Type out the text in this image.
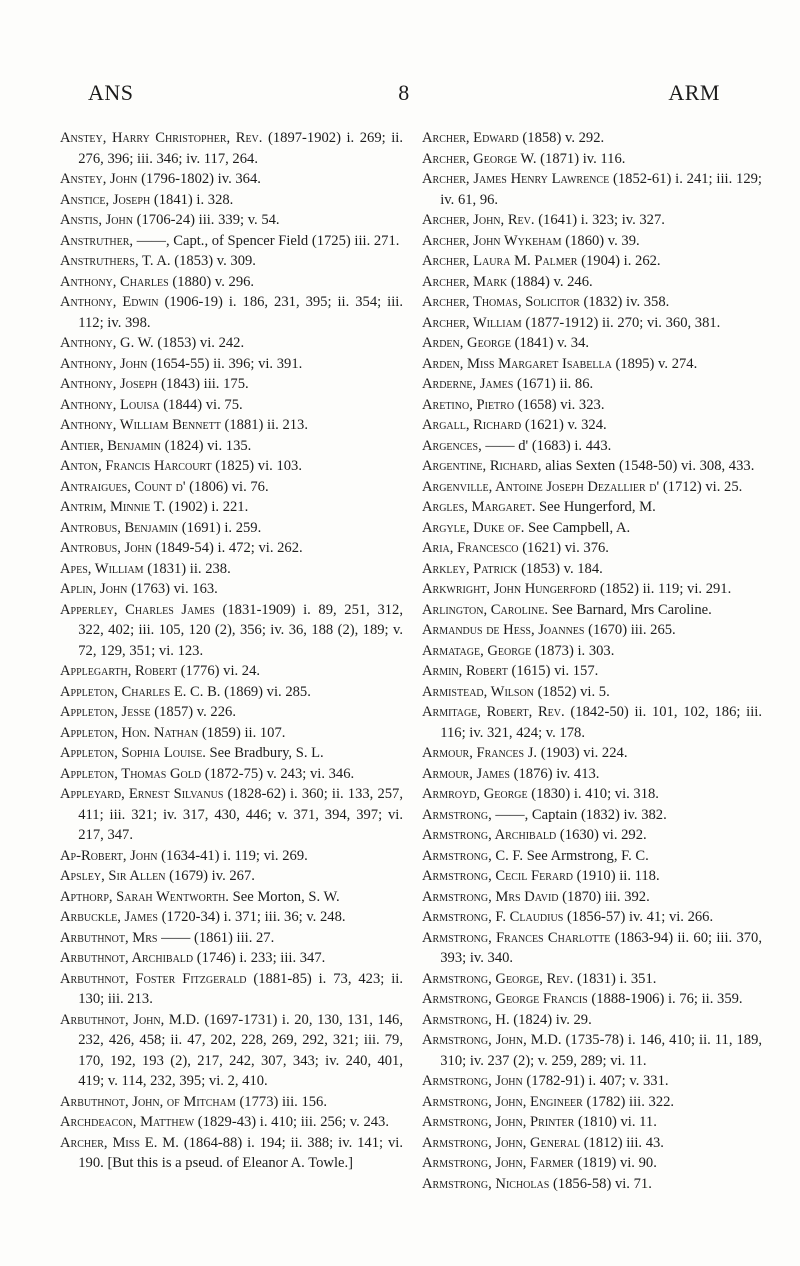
ANS	8	ARM

Anstey, Harry Christopher, Rev. (1897-1902) i. 269; ii. 276, 396; iii. 346; iv. 117, 264.

Anstey, John (1796-1802) iv. 364.

Anstice, Joseph (1841) i. 328.

Anstis, John (1706-24) iii. 339; v. 54.

Anstruther, ——, Capt., of Spencer Field (1725) iii. 271.

Anstruthers, T. A. (1853) v. 309.

Anthony, Charles (1880) v. 296.

Anthony, Edwin (1906-19) i. 186, 231, 395; ii. 354; iii. 112; iv. 398.

Anthony, G. W. (1853) vi. 242.

Anthony, John (1654-55) ii. 396; vi. 391.

Anthony, Joseph (1843) iii. 175.

Anthony, Louisa (1844) vi. 75.

Anthony, William Bennett (1881) ii. 213.

Antier, Benjamin (1824) vi. 135.

Anton, Francis Harcourt (1825) vi. 103.

Antraigues, Count d' (1806) vi. 76.

Antrim, Minnie T. (1902) i. 221.

Antrobus, Benjamin (1691) i. 259.

Antrobus, John (1849-54) i. 472; vi. 262.

Apes, William (1831) ii. 238.

Aplin, John (1763) vi. 163.

Apperley, Charles James (1831-1909) i. 89, 251, 312, 322, 402; iii. 105, 120 (2), 356; iv. 36, 188 (2), 189; v. 72, 129, 351; vi. 123.

Applegarth, Robert (1776) vi. 24.

Appleton, Charles E. C. B. (1869) vi. 285.

Appleton, Jesse (1857) v. 226.

Appleton, Hon. Nathan (1859) ii. 107.

Appleton, Sophia Louise. See Bradbury, S. L.

Appleton, Thomas Gold (1872-75) v. 243; vi. 346.

Appleyard, Ernest Silvanus (1828-62) i. 360; ii. 133, 257, 411; iii. 321; iv. 317, 430, 446; v. 371, 394, 397; vi. 217, 347.

Ap-Robert, John (1634-41) i. 119; vi. 269.

Apsley, Sir Allen (1679) iv. 267.

Apthorp, Sarah Wentworth. See Morton, S. W.

Arbuckle, James (1720-34) i. 371; iii. 36; v. 248.

Arbuthnot, Mrs —— (1861) iii. 27.

Arbuthnot, Archibald (1746) i. 233; iii. 347.

Arbuthnot, Foster Fitzgerald (1881-85) i. 73, 423; ii. 130; iii. 213.

Arbuthnot, John, M.D. (1697-1731) i. 20, 130, 131, 146, 232, 426, 458; ii. 47, 202, 228, 269, 292, 321; iii. 79, 170, 192, 193 (2), 217, 242, 307, 343; iv. 240, 401, 419; v. 114, 232, 395; vi. 2, 410.

Arbuthnot, John, of Mitcham (1773) iii. 156.

Archdeacon, Matthew (1829-43) i. 410; iii. 256; v. 243.

Archer, Miss E. M. (1864-88) i. 194; ii. 388; iv. 141; vi. 190. [But this is a pseud. of Eleanor A. Towle.]

Archer, Edward (1858) v. 292.

Archer, George W. (1871) iv. 116.

Archer, James Henry Lawrence (1852-61) i. 241; iii. 129; iv. 61, 96.

Archer, John, Rev. (1641) i. 323; iv. 327.

Archer, John Wykeham (1860) v. 39.

Archer, Laura M. Palmer (1904) i. 262.

Archer, Mark (1884) v. 246.

Archer, Thomas, Solicitor (1832) iv. 358.

Archer, William (1877-1912) ii. 270; vi. 360, 381.

Arden, George (1841) v. 34.

Arden, Miss Margaret Isabella (1895) v. 274.

Arderne, James (1671) ii. 86.

Aretino, Pietro (1658) vi. 323.

Argall, Richard (1621) v. 324.

Argences, —— d' (1683) i. 443.

Argentine, Richard, alias Sexten (1548-50) vi. 308, 433.

Argenville, Antoine Joseph Dezallier d' (1712) vi. 25.

Argles, Margaret. See Hungerford, M.

Argyle, Duke of. See Campbell, A.

Aria, Francesco (1621) vi. 376.

Arkley, Patrick (1853) v. 184.

Arkwright, John Hungerford (1852) ii. 119; vi. 291.

Arlington, Caroline. See Barnard, Mrs Caroline.

Armandus de Hess, Joannes (1670) iii. 265.

Armatage, George (1873) i. 303.

Armin, Robert (1615) vi. 157.

Armistead, Wilson (1852) vi. 5.

Armitage, Robert, Rev. (1842-50) ii. 101, 102, 186; iii. 116; iv. 321, 424; v. 178.

Armour, Frances J. (1903) vi. 224.

Armour, James (1876) iv. 413.

Armroyd, George (1830) i. 410; vi. 318.

Armstrong, ——, Captain (1832) iv. 382.

Armstrong, Archibald (1630) vi. 292.

Armstrong, C. F. See Armstrong, F. C.

Armstrong, Cecil Ferard (1910) ii. 118.

Armstrong, Mrs David (1870) iii. 392.

Armstrong, F. Claudius (1856-57) iv. 41; vi. 266.

Armstrong, Frances Charlotte (1863-94) ii. 60; iii. 370, 393; iv. 340.

Armstrong, George, Rev. (1831) i. 351.

Armstrong, George Francis (1888-1906) i. 76; ii. 359.

Armstrong, H. (1824) iv. 29.

Armstrong, John, M.D. (1735-78) i. 146, 410; ii. 11, 189, 310; iv. 237 (2); v. 259, 289; vi. 11.

Armstrong, John (1782-91) i. 407; v. 331.

Armstrong, John, Engineer (1782) iii. 322.

Armstrong, John, Printer (1810) vi. 11.

Armstrong, John, General (1812) iii. 43.

Armstrong, John, Farmer (1819) vi. 90.

Armstrong, Nicholas (1856-58) vi. 71.
